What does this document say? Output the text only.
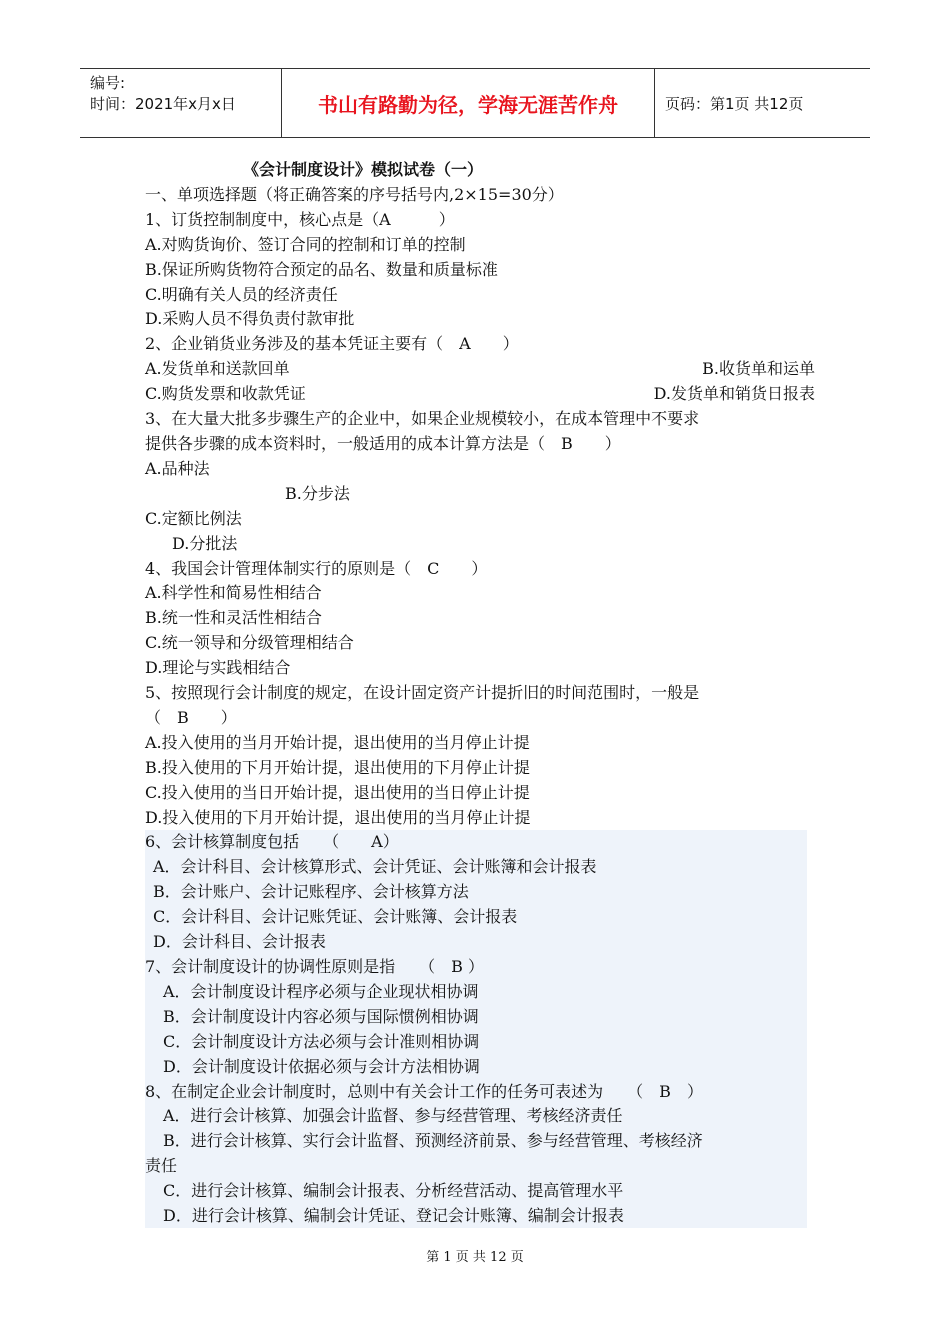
编号:
时间：2021年x月x日	书山有路勤为径，学海无涯苦作舟	页码：第1页 共12页
《会计制度设计》模拟试卷（一）
一、单项选择题（将正确答案的序号括号内,2×15=30分）
1、订货控制制度中，核心点是（A　　　）
A.对购货询价、签订合同的控制和订单的控制
B.保证所购货物符合预定的品名、数量和质量标准
C.明确有关人员的经济责任
D.采购人员不得负责付款审批
2、企业销货业务涉及的基本凭证主要有（　A　　）
A.发货单和送款回单	B.收货单和运单
C.购货发票和收款凭证	D.发货单和销货日报表
3、在大量大批多步骤生产的企业中，如果企业规模较小，在成本管理中不要求
提供各步骤的成本资料时，一般适用的成本计算方法是（　B　　）
A.品种法
B.分步法
C.定额比例法
D.分批法
4、我国会计管理体制实行的原则是（　C　　）
A.科学性和简易性相结合
B.统一性和灵活性相结合
C.统一领导和分级管理相结合
D.理论与实践相结合
5、按照现行会计制度的规定，在设计固定资产计提折旧的时间范围时，一般是
（　B　　）
A.投入使用的当月开始计提，退出使用的当月停止计提
B.投入使用的下月开始计提，退出使用的下月停止计提
C.投入使用的当日开始计提，退出使用的当日停止计提
D.投入使用的下月开始计提，退出使用的当月停止计提
6、会计核算制度包括　　（　　A）
A．会计科目、会计核算形式、会计凭证、会计账簿和会计报表
B．会计账户、会计记账程序、会计核算方法
C．会计科目、会计记账凭证、会计账簿、会计报表
D．会计科目、会计报表
7、会计制度设计的协调性原则是指　　（　B ）
A．会计制度设计程序必须与企业现状相协调
B．会计制度设计内容必须与国际惯例相协调
C．会计制度设计方法必须与会计准则相协调
D．会计制度设计依据必须与会计方法相协调
8、在制定企业会计制度时，总则中有关会计工作的任务可表述为　　（　B　）
A．进行会计核算、加强会计监督、参与经营管理、考核经济责任
B．进行会计核算、实行会计监督、预测经济前景、参与经营管理、考核经济
责任
C．进行会计核算、编制会计报表、分析经营活动、提高管理水平
D．进行会计核算、编制会计凭证、登记会计账簿、编制会计报表
第 1 页 共 12 页
